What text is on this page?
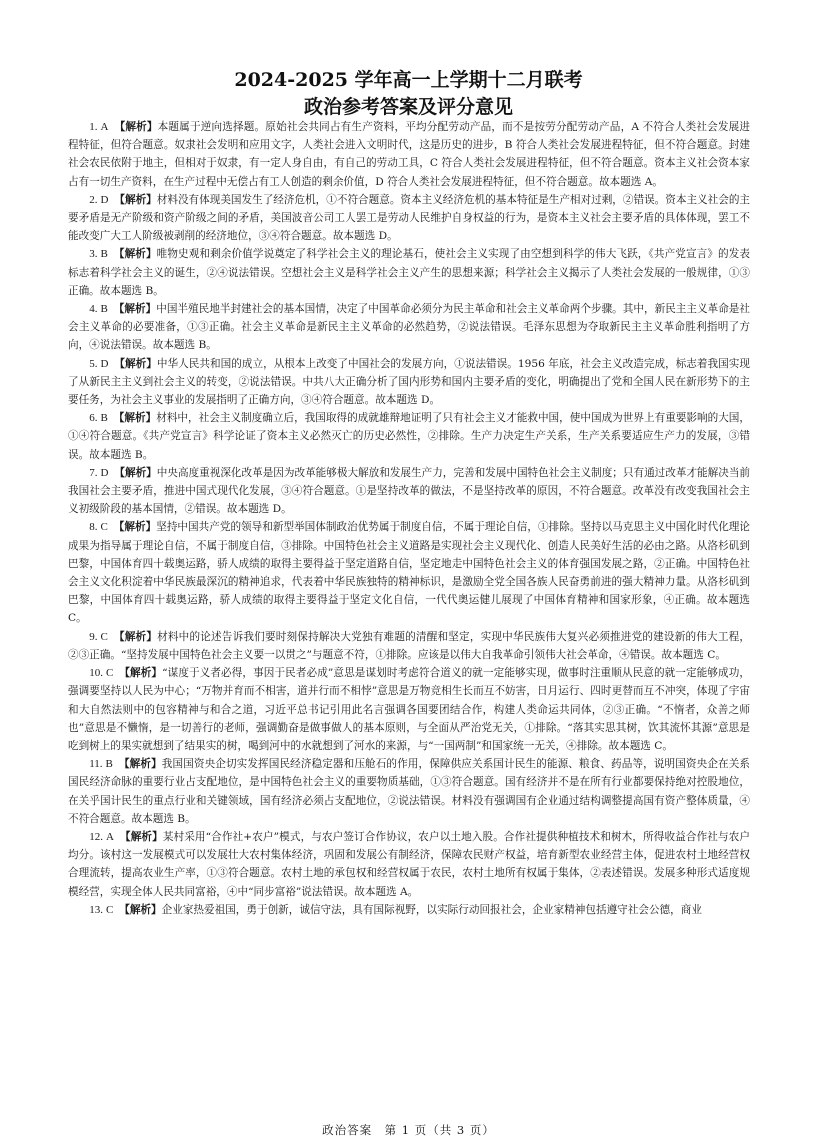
2024-2025 学年高一上学期十二月联考
政治参考答案及评分意见

1. A 【解析】本题属于逆向选择题。原始社会共同占有生产资料，平均分配劳动产品，而不是按劳分配劳动产品，A 不符合人类社会发展进程特征，但符合题意。奴隶社会发明和应用文字，人类社会进入文明时代，这是历史的进步，B 符合人类社会发展进程特征，但不符合题意。封建社会农民依附于地主，但相对于奴隶，有一定人身自由，有自己的劳动工具，C 符合人类社会发展进程特征，但不符合题意。资本主义社会资本家占有一切生产资料，在生产过程中无偿占有工人创造的剩余价值，D 符合人类社会发展进程特征，但不符合题意。故本题选 A。

2. D 【解析】材料没有体现美国发生了经济危机，①不符合题意。资本主义经济危机的基本特征是生产相对过剩，②错误。资本主义社会的主要矛盾是无产阶级和资产阶级之间的矛盾，美国波音公司工人罢工是劳动人民维护自身权益的行为，是资本主义社会主要矛盾的具体体现，罢工不能改变广大工人阶级被剥削的经济地位，③④符合题意。故本题选 D。

3. B 【解析】唯物史观和剩余价值学说奠定了科学社会主义的理论基石，使社会主义实现了由空想到科学的伟大飞跃，《共产党宣言》的发表标志着科学社会主义的诞生，②④说法错误。空想社会主义是科学社会主义产生的思想来源；科学社会主义揭示了人类社会发展的一般规律，①③正确。故本题选 B。

4. B 【解析】中国半殖民地半封建社会的基本国情，决定了中国革命必须分为民主革命和社会主义革命两个步骤。其中，新民主主义革命是社会主义革命的必要准备，①③正确。社会主义革命是新民主主义革命的必然趋势，②说法错误。毛泽东思想为夺取新民主主义革命胜利指明了方向，④说法错误。故本题选 B。

5. D 【解析】中华人民共和国的成立，从根本上改变了中国社会的发展方向，①说法错误。1956 年底，社会主义改造完成，标志着我国实现了从新民主主义到社会主义的转变，②说法错误。中共八大正确分析了国内形势和国内主要矛盾的变化，明确提出了党和全国人民在新形势下的主要任务，为社会主义事业的发展指明了正确方向，③④符合题意。故本题选 D。

6. B 【解析】材料中，社会主义制度确立后，我国取得的成就雄辩地证明了只有社会主义才能救中国，使中国成为世界上有重要影响的大国，①④符合题意。《共产党宣言》科学论证了资本主义必然灭亡的历史必然性，②排除。生产力决定生产关系，生产关系要适应生产力的发展，③错误。故本题选 B。

7. D 【解析】中央高度重视深化改革是因为改革能够极大解放和发展生产力，完善和发展中国特色社会主义制度；只有通过改革才能解决当前我国社会主要矛盾，推进中国式现代化发展，③④符合题意。①是坚持改革的做法，不是坚持改革的原因，不符合题意。改革没有改变我国社会主义初级阶段的基本国情，②错误。故本题选 D。

8. C 【解析】坚持中国共产党的领导和新型举国体制政治优势属于制度自信，不属于理论自信，①排除。坚持以马克思主义中国化时代化理论成果为指导属于理论自信，不属于制度自信，③排除。中国特色社会主义道路是实现社会主义现代化、创造人民美好生活的必由之路。从洛杉矶到巴黎，中国体育四十载奥运路，骄人成绩的取得主要得益于坚定道路自信，坚定地走中国特色社会主义的体育强国发展之路，②正确。中国特色社会主义文化积淀着中华民族最深沉的精神追求，代表着中华民族独特的精神标识，是激励全党全国各族人民奋勇前进的强大精神力量。从洛杉矶到巴黎，中国体育四十载奥运路，骄人成绩的取得主要得益于坚定文化自信，一代代奥运健儿展现了中国体育精神和国家形象，④正确。故本题选 C。

9. C 【解析】材料中的论述告诉我们要时刻保持解决大党独有难题的清醒和坚定，实现中华民族伟大复兴必须推进党的建设新的伟大工程，②③正确。“坚持发展中国特色社会主义要一以贯之”与题意不符，①排除。应该是以伟大自我革命引领伟大社会革命，④错误。故本题选 C。

10. C 【解析】“谋度于义者必得，事因于民者必成”意思是谋划时考虑符合道义的就一定能够实现，做事时注重顺从民意的就一定能够成功，强调要坚持以人民为中心；“万物并育而不相害，道并行而不相悖”意思是万物竞相生长而互不妨害，日月运行、四时更替而互不冲突，体现了宇宙和大自然法则中的包容精神与和合之道，习近平总书记引用此名言强调各国要团结合作，构建人类命运共同体，②③正确。“不惰者，众善之师也”意思是不懒惰，是一切善行的老师，强调勤奋是做事做人的基本原则，与全面从严治党无关，①排除。“落其实思其树，饮其流怀其源”意思是吃到树上的果实就想到了结果实的树，喝到河中的水就想到了河水的来源，与“一国两制”和国家统一无关，④排除。故本题选 C。

11. B 【解析】我国国资央企切实发挥国民经济稳定器和压舱石的作用，保障供应关系国计民生的能源、粮食、药品等，说明国资央企在关系国民经济命脉的重要行业占支配地位，是中国特色社会主义的重要物质基础，①③符合题意。国有经济并不是在所有行业都要保持绝对控股地位，在关乎国计民生的重点行业和关键领域，国有经济必须占支配地位，②说法错误。材料没有强调国有企业通过结构调整提高国有资产整体质量，④不符合题意。故本题选 B。

12. A 【解析】某村采用“合作社+农户”模式，与农户签订合作协议，农户以土地入股。合作社提供种植技术和树木，所得收益合作社与农户均分。该村这一发展模式可以发展壮大农村集体经济，巩固和发展公有制经济，保障农民财产权益，培育新型农业经营主体，促进农村土地经营权合理流转，提高农业生产率，①③符合题意。农村土地的承包权和经营权属于农民，农村土地所有权属于集体，②表述错误。发展多种形式适度规模经营，实现全体人民共同富裕，④中“同步富裕”说法错误。故本题选 A。

13. C 【解析】企业家热爱祖国，勇于创新，诚信守法，具有国际视野，以实际行动回报社会，企业家精神包括遵守社会公德，商业

政治答案　第 1 页（共 3 页）
